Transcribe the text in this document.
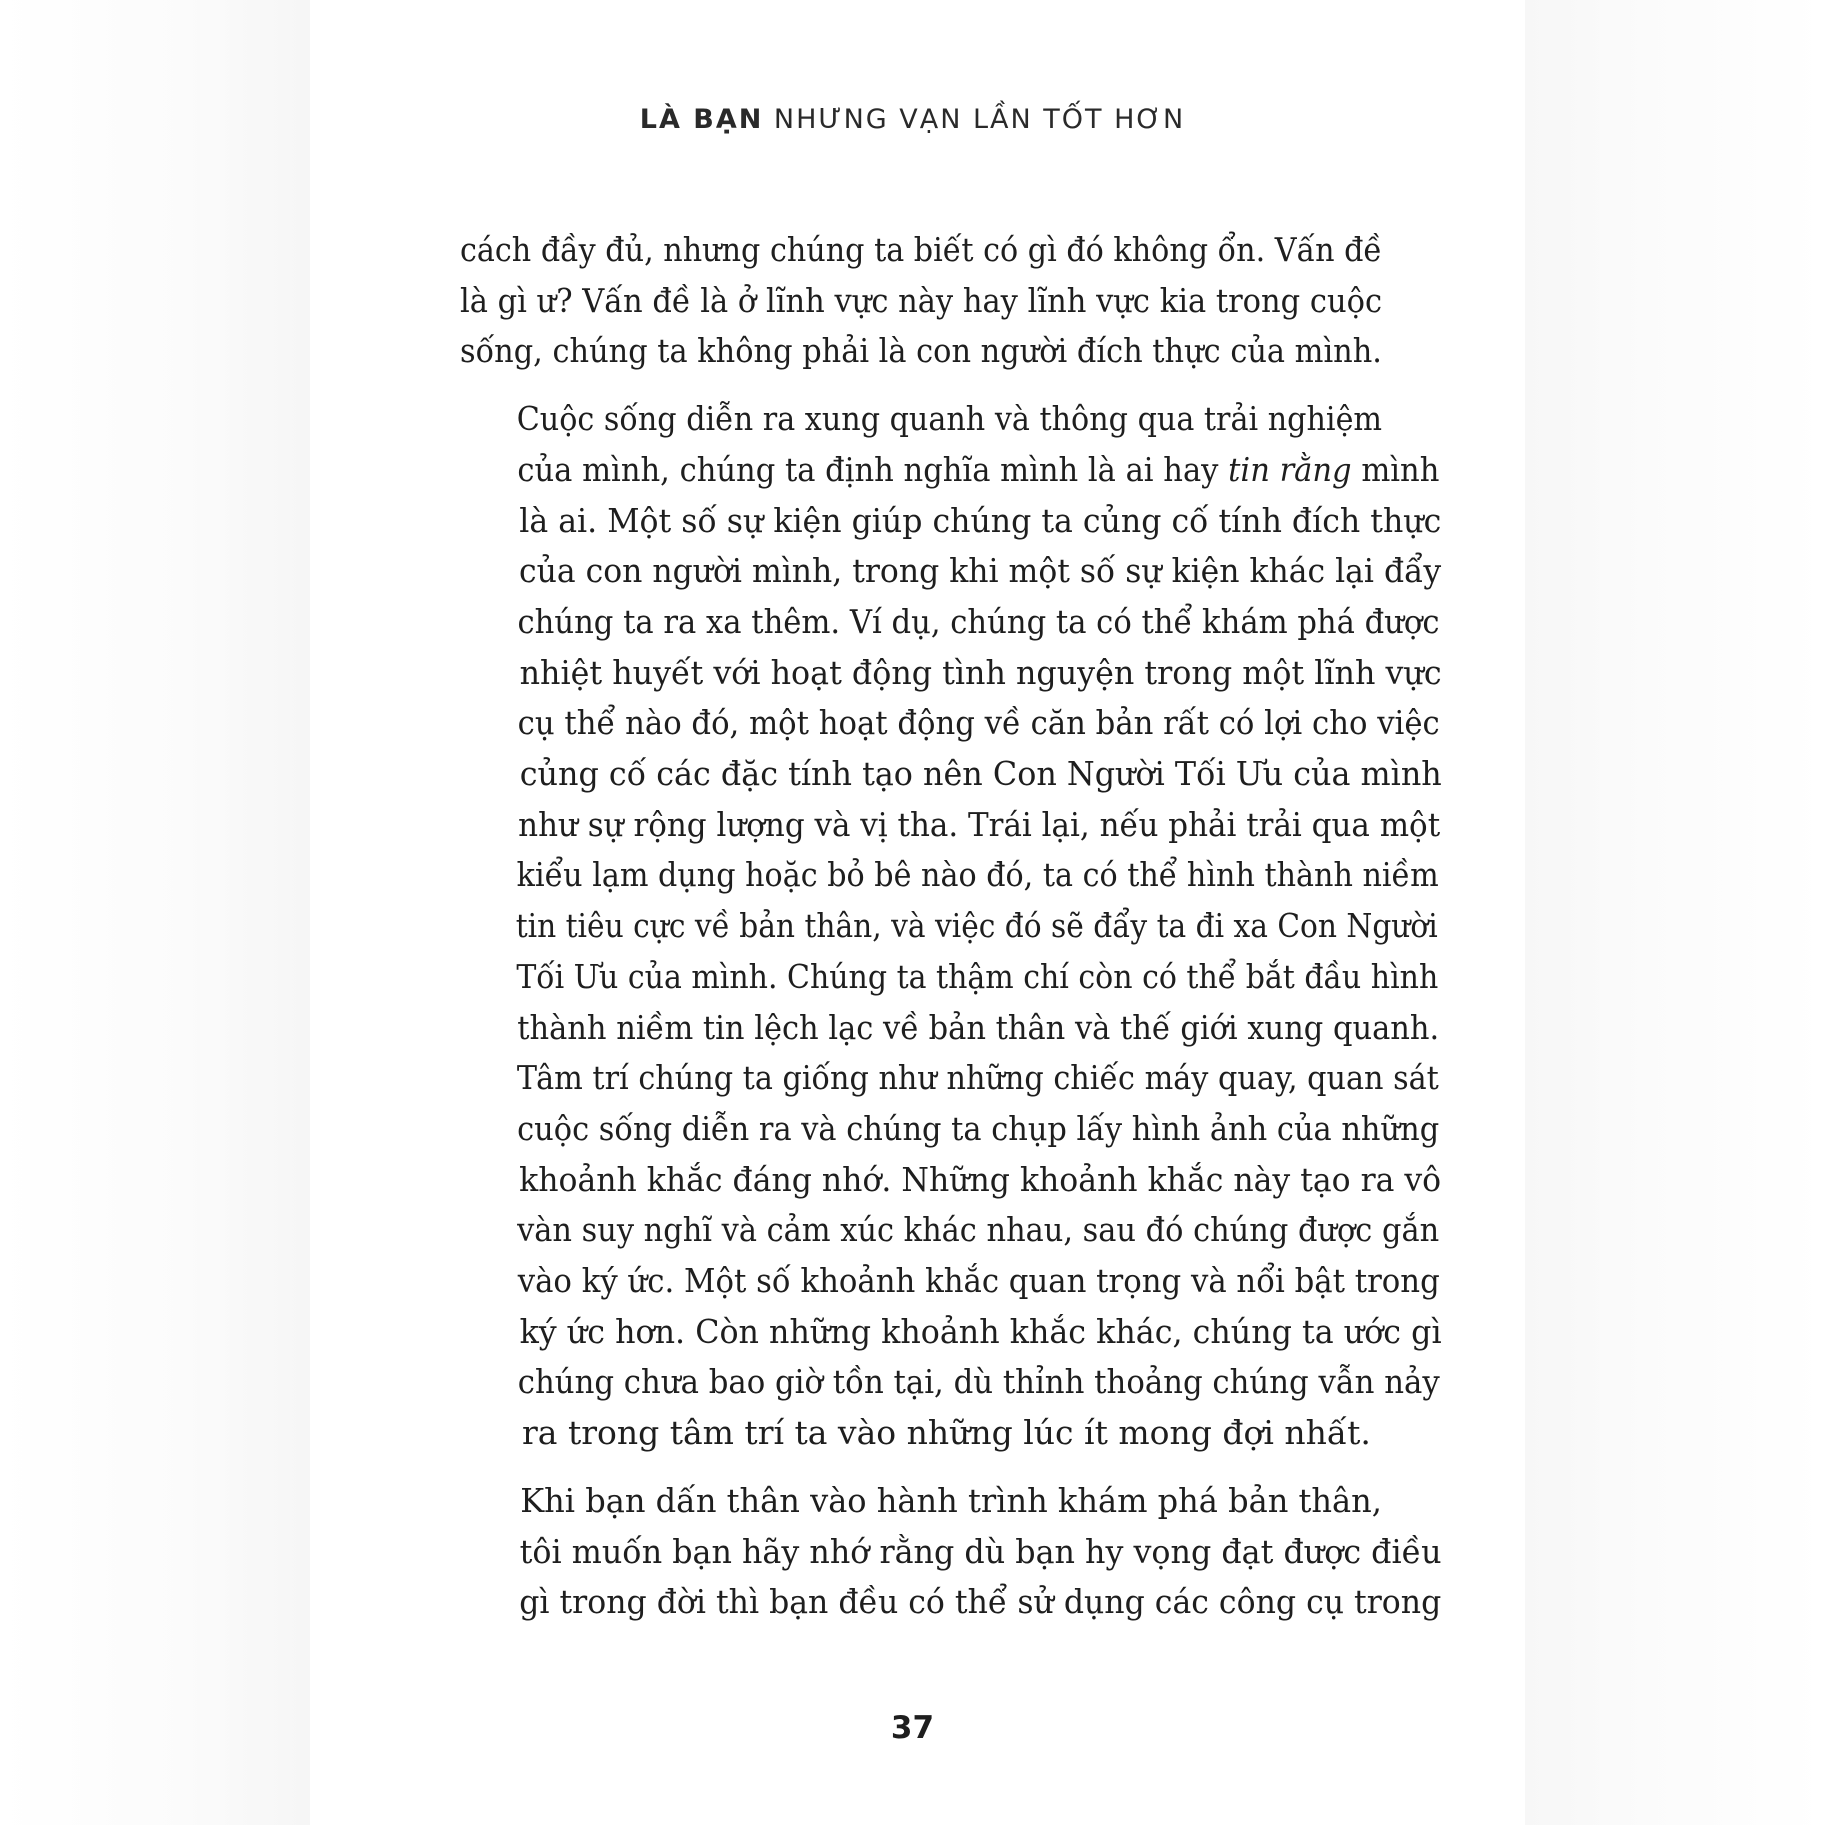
LÀ BẠN NHƯNG VẠN LẦN TỐT HƠN

cách đầy đủ, nhưng chúng ta biết có gì đó không ổn. Vấn đề
là gì ư? Vấn đề là ở lĩnh vực này hay lĩnh vực kia trong cuộc
sống, chúng ta không phải là con người đích thực của mình.

Cuộc sống diễn ra xung quanh và thông qua trải nghiệm
của mình, chúng ta định nghĩa mình là ai hay tin rằng mình
là ai. Một số sự kiện giúp chúng ta củng cố tính đích thực
của con người mình, trong khi một số sự kiện khác lại đẩy
chúng ta ra xa thêm. Ví dụ, chúng ta có thể khám phá được
nhiệt huyết với hoạt động tình nguyện trong một lĩnh vực
cụ thể nào đó, một hoạt động về căn bản rất có lợi cho việc
củng cố các đặc tính tạo nên Con Người Tối Ưu của mình
như sự rộng lượng và vị tha. Trái lại, nếu phải trải qua một
kiểu lạm dụng hoặc bỏ bê nào đó, ta có thể hình thành niềm
tin tiêu cực về bản thân, và việc đó sẽ đẩy ta đi xa Con Người
Tối Ưu của mình. Chúng ta thậm chí còn có thể bắt đầu hình
thành niềm tin lệch lạc về bản thân và thế giới xung quanh.
Tâm trí chúng ta giống như những chiếc máy quay, quan sát
cuộc sống diễn ra và chúng ta chụp lấy hình ảnh của những
khoảnh khắc đáng nhớ. Những khoảnh khắc này tạo ra vô
vàn suy nghĩ và cảm xúc khác nhau, sau đó chúng được gắn
vào ký ức. Một số khoảnh khắc quan trọng và nổi bật trong
ký ức hơn. Còn những khoảnh khắc khác, chúng ta ước gì
chúng chưa bao giờ tồn tại, dù thỉnh thoảng chúng vẫn nảy
ra trong tâm trí ta vào những lúc ít mong đợi nhất.

Khi bạn dấn thân vào hành trình khám phá bản thân,
tôi muốn bạn hãy nhớ rằng dù bạn hy vọng đạt được điều
gì trong đời thì bạn đều có thể sử dụng các công cụ trong

37
